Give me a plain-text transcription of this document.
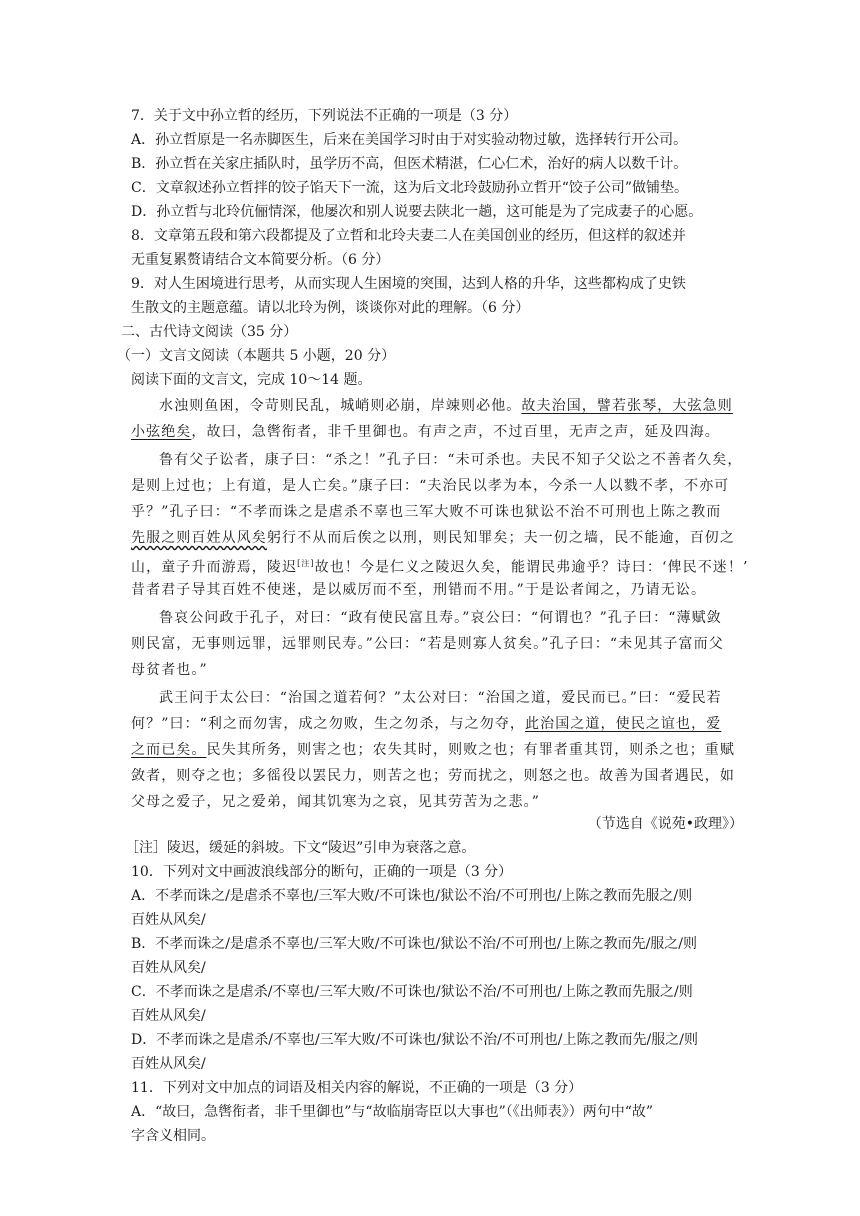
7．关于文中孙立哲的经历，下列说法不正确的一项是（3 分）
A．孙立哲原是一名赤脚医生，后来在美国学习时由于对实验动物过敏，选择转行开公司。
B．孙立哲在关家庄插队时，虽学历不高，但医术精湛，仁心仁术，治好的病人以数千计。
C．文章叙述孙立哲拌的饺子馅天下一流，这为后文北玲鼓励孙立哲开“饺子公司”做铺垫。
D．孙立哲与北玲伉俪情深，他屡次和别人说要去陕北一趟，这可能是为了完成妻子的心愿。
8．文章第五段和第六段都提及了立哲和北玲夫妻二人在美国创业的经历，但这样的叙述并
无重复累赘请结合文本简要分析。（6 分）
9．对人生困境进行思考，从而实现人生困境的突围，达到人格的升华，这些都构成了史铁
生散文的主题意蕴。请以北玲为例，谈谈你对此的理解。（6 分）
二、古代诗文阅读（35 分）
（一）文言文阅读（本题共 5 小题，20 分）
阅读下面的文言文，完成 10～14 题。
水浊则鱼困，令苛则民乱，城峭则必崩，岸竦则必他。故夫治国，譬若张琴，大弦急则
小弦绝矣，故曰，急辔衔者，非千里御也。有声之声，不过百里，无声之声，延及四海。
鲁有父子讼者，康子曰：“杀之！”孔子曰：“未可杀也。夫民不知子父讼之不善者久矣，
是则上过也；上有道，是人亡矣。”康子曰：“夫治民以孝为本，今杀一人以戮不孝，不亦可
乎？”孔子曰：“不孝而诛之是虐杀不辜也三军大败不可诛也狱讼不治不可刑也上陈之教而
先服之则百姓从风矣躬行不从而后俟之以刑，则民知罪矣；夫一仞之墙，民不能逾，百仞之
山，童子升而游焉，陵迟[注]故也！今是仁义之陵迟久矣，能谓民弗逾乎？诗曰：‘俾民不迷！’
昔者君子导其百姓不使迷，是以威厉而不至，刑错而不用。”于是讼者闻之，乃请无讼。
鲁哀公问政于孔子，对曰：“政有使民富且寿。”哀公曰：“何谓也？”孔子曰：“薄赋敛
则民富，无事则远罪，远罪则民寿。”公曰：“若是则寡人贫矣。”孔子曰：“未见其子富而父
母贫者也。”
武王问于太公曰：“治国之道若何？”太公对曰：“治国之道，爱民而已。”曰：“爱民若
何？”曰：“利之而勿害，成之勿败，生之勿杀，与之勿夺，此治国之道，使民之谊也，爱
之而已矣。民失其所务，则害之也；农失其时，则败之也；有罪者重其罚，则杀之也；重赋
敛者，则夺之也；多徭役以罢民力，则苦之也；劳而扰之，则怒之也。故善为国者遇民，如
父母之爱子，兄之爱弟，闻其饥寒为之哀，见其劳苦为之悲。”
（节选自《说苑•政理》）
［注］陵迟，缓延的斜坡。下文“陵迟”引申为衰落之意。
10．下列对文中画波浪线部分的断句，正确的一项是（3 分）
A．不孝而诛之/是虐杀不辜也/三军大败/不可诛也/狱讼不治/不可刑也/上陈之教而先服之/则
百姓从风矣/
B．不孝而诛之/是虐杀不辜也/三军大败/不可诛也/狱讼不治/不可刑也/上陈之教而先/服之/则
百姓从风矣/
C．不孝而诛之是虐杀/不辜也/三军大败/不可诛也/狱讼不治/不可刑也/上陈之教而先服之/则
百姓从风矣/
D．不孝而诛之是虐杀/不辜也/三军大败/不可诛也/狱讼不治/不可刑也/上陈之教而先/服之/则
百姓从风矣/
11．下列对文中加点的词语及相关内容的解说，不正确的一项是（3 分）
A．“故曰，急辔衔者，非千里御也”与“故临崩寄臣以大事也”（《出师表》）两句中“故”
字含义相同。
